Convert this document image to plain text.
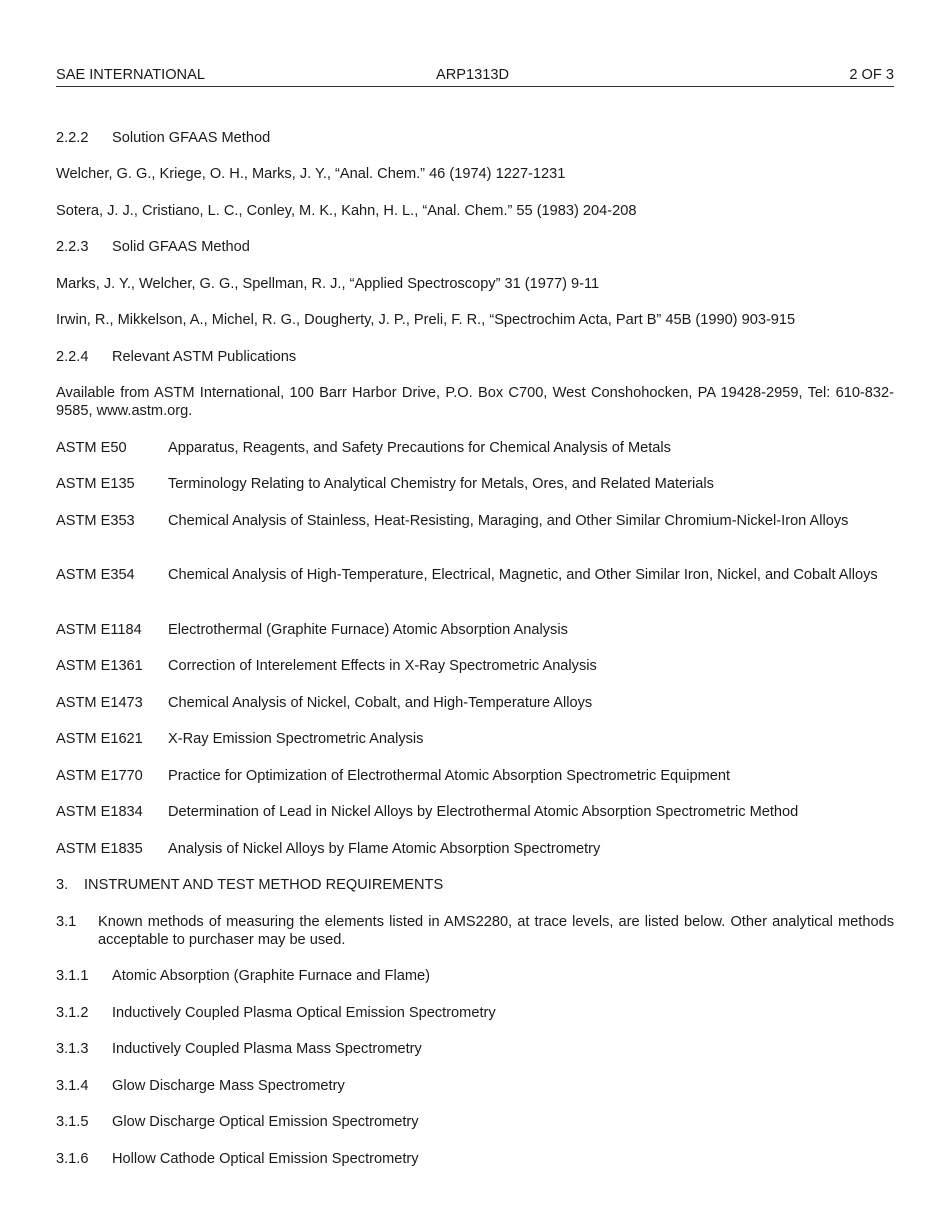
SAE INTERNATIONAL	ARP1313D	2 OF 3
2.2.2 Solution GFAAS Method
Welcher, G. G., Kriege, O. H., Marks, J. Y., “Anal. Chem.” 46 (1974) 1227-1231
Sotera, J. J., Cristiano, L. C., Conley, M. K., Kahn, H. L., “Anal. Chem.” 55 (1983) 204-208
2.2.3 Solid GFAAS Method
Marks, J. Y., Welcher, G. G., Spellman, R. J., “Applied Spectroscopy” 31 (1977) 9-11
Irwin, R., Mikkelson, A., Michel, R. G., Dougherty, J. P., Preli, F. R., “Spectrochim Acta, Part B” 45B (1990) 903-915
2.2.4 Relevant ASTM Publications
Available from ASTM International, 100 Barr Harbor Drive, P.O. Box C700, West Conshohocken, PA 19428-2959, Tel: 610-832-9585, www.astm.org.
ASTM E50	Apparatus, Reagents, and Safety Precautions for Chemical Analysis of Metals
ASTM E135 Terminology Relating to Analytical Chemistry for Metals, Ores, and Related Materials
ASTM E353 Chemical Analysis of Stainless, Heat-Resisting, Maraging, and Other Similar Chromium-Nickel-Iron Alloys
ASTM E354 Chemical Analysis of High-Temperature, Electrical, Magnetic, and Other Similar Iron, Nickel, and Cobalt Alloys
ASTM E1184 Electrothermal (Graphite Furnace) Atomic Absorption Analysis
ASTM E1361 Correction of Interelement Effects in X-Ray Spectrometric Analysis
ASTM E1473 Chemical Analysis of Nickel, Cobalt, and High-Temperature Alloys
ASTM E1621 X-Ray Emission Spectrometric Analysis
ASTM E1770 Practice for Optimization of Electrothermal Atomic Absorption Spectrometric Equipment
ASTM E1834 Determination of Lead in Nickel Alloys by Electrothermal Atomic Absorption Spectrometric Method
ASTM E1835 Analysis of Nickel Alloys by Flame Atomic Absorption Spectrometry
3. INSTRUMENT AND TEST METHOD REQUIREMENTS
3.1 Known methods of measuring the elements listed in AMS2280, at trace levels, are listed below. Other analytical methods acceptable to purchaser may be used.
3.1.1 Atomic Absorption (Graphite Furnace and Flame)
3.1.2 Inductively Coupled Plasma Optical Emission Spectrometry
3.1.3 Inductively Coupled Plasma Mass Spectrometry
3.1.4 Glow Discharge Mass Spectrometry
3.1.5 Glow Discharge Optical Emission Spectrometry
3.1.6 Hollow Cathode Optical Emission Spectrometry
